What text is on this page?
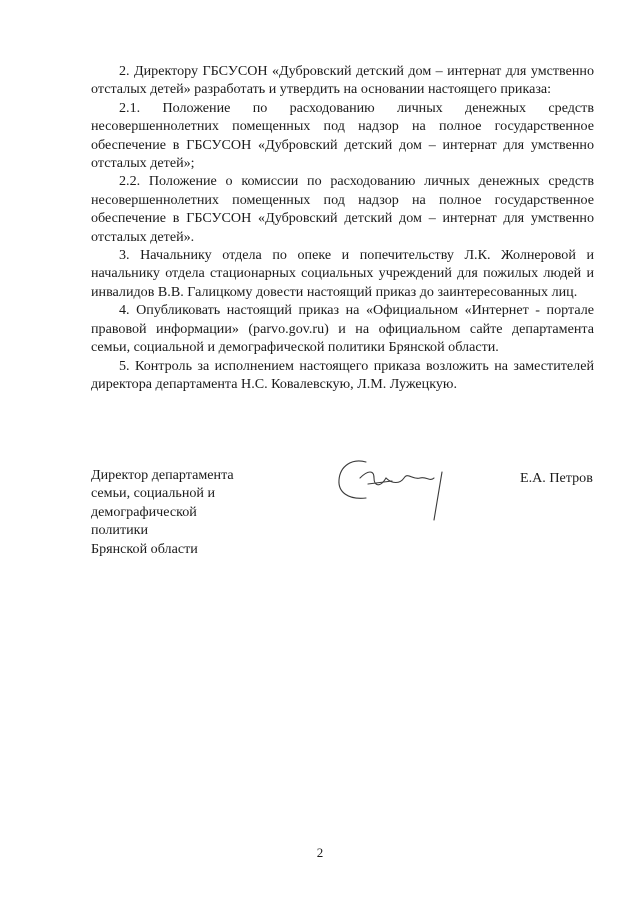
2. Директору ГБСУСОН «Дубровский детский дом – интернат для умственно отсталых детей» разработать и утвердить на основании настоящего приказа:

2.1. Положение по расходованию личных денежных средств несовершеннолетних помещенных под надзор на полное государственное обеспечение в ГБСУСОН «Дубровский детский дом – интернат для умственно отсталых детей»;

2.2. Положение о комиссии по расходованию личных денежных средств несовершеннолетних помещенных под надзор на полное государственное обеспечение в ГБСУСОН «Дубровский детский дом – интернат для умственно отсталых детей».

3. Начальнику отдела по опеке и попечительству Л.К. Жолнеровой и начальнику отдела стационарных социальных учреждений для пожилых людей и инвалидов В.В. Галицкому довести настоящий приказ до заинтересованных лиц.

4. Опубликовать настоящий приказ на «Официальном «Интернет - портале правовой информации» (parvo.gov.ru) и на официальном сайте департамента семьи, социальной и демографической политики Брянской области.

5. Контроль за исполнением настоящего приказа возложить на заместителей директора департамента Н.С. Ковалевскую, Л.М. Лужецкую.

Директор департамента
семьи, социальной и
демографической
политики
Брянской области
Е.А. Петров
2
